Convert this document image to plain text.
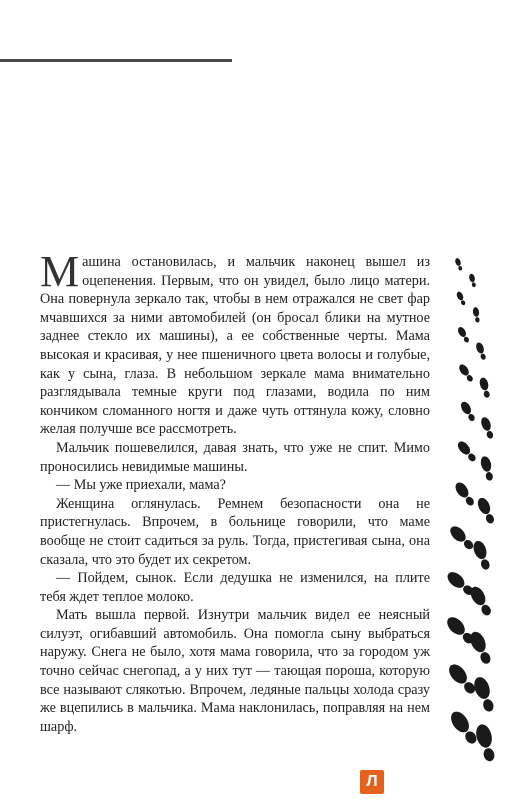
Машина остановилась, и мальчик наконец вышел из оцепенения. Первым, что он увидел, было лицо матери. Она повернула зеркало так, чтобы в нем отражался не свет фар мчавшихся за ними автомобилей (он бросал блики на мутное заднее стекло их машины), а ее собственные черты. Мама высокая и красивая, у нее пшеничного цвета волосы и голубые, как у сына, глаза. В небольшом зеркале мама внимательно разглядывала темные круги под глазами, водила по ним кончиком сломанного ногтя и даже чуть оттянула кожу, словно желая получше все рассмотреть.

Мальчик пошевелился, давая знать, что уже не спит. Мимо проносились невидимые машины.

— Мы уже приехали, мама?

Женщина оглянулась. Ремнем безопасности она не пристегнулась. Впрочем, в больнице говорили, что маме вообще не стоит садиться за руль. Тогда, пристегивая сына, она сказала, что это будет их секретом.

— Пойдем, сынок. Если дедушка не изменился, на плите тебя ждет теплое молоко.

Мать вышла первой. Изнутри мальчик видел ее неясный силуэт, огибавший автомобиль. Она помогла сыну выбраться наружу. Снега не было, хотя мама говорила, что за городом уж точно сейчас снегопад, а у них тут — тающая пороша, которую все называют слякотью. Впрочем, ледяные пальцы холода сразу же вцепились в мальчика. Мама наклонилась, поправляя на нем шарф.

Л
